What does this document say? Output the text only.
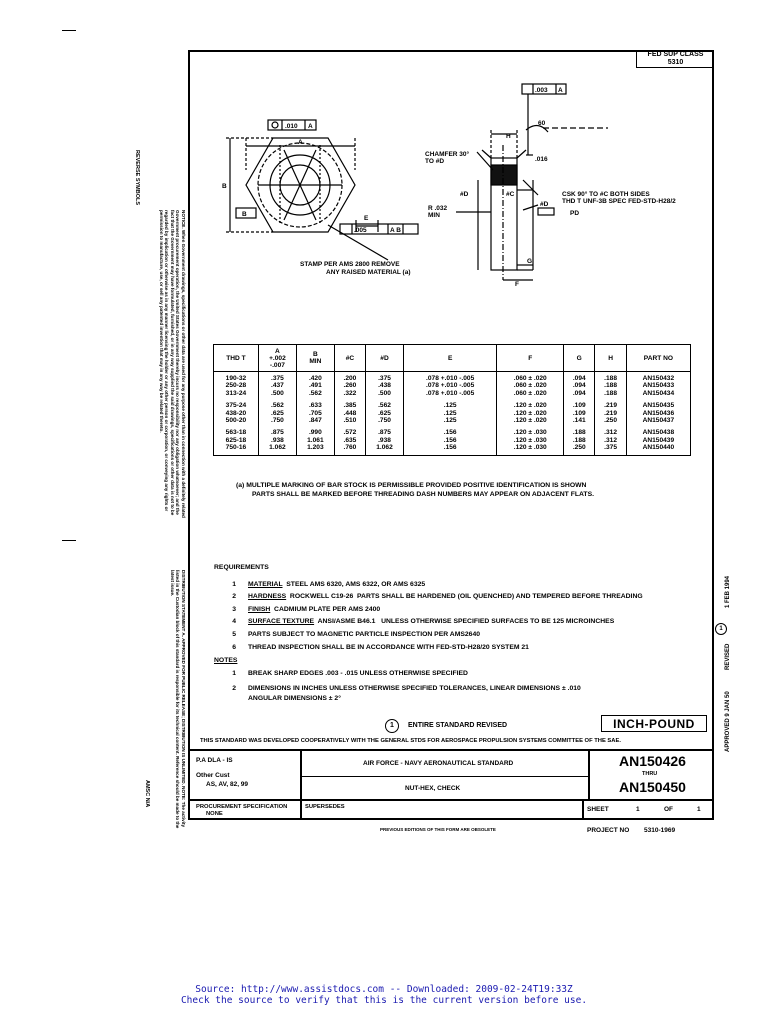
REVERSE SYMBOLS
NOTICE. When Government drawings, specifications or other data are used for any purpose other than in connection with a definitely related Government procurement operation, the United States Government thereby incurs no responsibility nor any obligation whatsoever; and the fact that the Government may have formulated, furnished, or in any way supplied the said drawings, specifications or other data is not to be regarded by implication or otherwise as in any manner licensing the holder or any other person or corporation, or conveying any rights or permission to manufacture, use, or sell any patented invention that may in any way be related thereto.
DISTRIBUTION STATEMENT A. APPROVED FOR PUBLIC RELEASE; DISTRIBUTION IS UNLIMITED. NOTE: The activity listed in the Custodian block of this standard is responsible for its technical content. Reference should be made to the latest issue.
AMSC N/A
FED SUP CLASS
5310
.010 A
A
B
B
E
.005	A B
STAMP PER AMS 2800 REMOVE
ANY RAISED MATERIAL (a)
.003 A
H
60
CHAMFER 30°
TO #D	.016
#D	#C
#D
R .032
MIN
CSK 90° TO #C BOTH SIDES
THD T UNF-3B SPEC FED-STD-H28/2
PD
G
F
THD T	A
+.002
-.007	B
MIN	#C	#D	E	F	G	H	PART NO
190-32	.375	.420	.200	.375	.078 +.010 -.005	.060 ± .020	.094	.188	AN150432
250-28	.437	.491	.260	.438	.078 +.010 -.005	.060 ± .020	.094	.188	AN150433
313-24	.500	.562	.322	.500	.078 +.010 -.005	.060 ± .020	.094	.188	AN150434
375-24	.562	.633	.385	.562	.125	.120 ± .020	.109	.219	AN150435
438-20	.625	.705	.448	.625	.125	.120 ± .020	.109	.219	AN150436
500-20	.750	.847	.510	.750	.125	.120 ± .020	.141	.250	AN150437
563-18	.875	.990	.572	.875	.156	.120 ± .030	.188	.312	AN150438
625-18	.938	1.061	.635	.938	.156	.120 ± .030	.188	.312	AN150439
750-16	1.062	1.203	.760	1.062	.156	.120 ± .030	.250	.375	AN150440
(a) MULTIPLE MARKING OF BAR STOCK IS PERMISSIBLE PROVIDED POSITIVE IDENTIFICATION IS SHOWN
PARTS SHALL BE MARKED BEFORE THREADING DASH NUMBERS MAY APPEAR ON ADJACENT FLATS.
REQUIREMENTS
1 MATERIAL  STEEL AMS 6320, AMS 6322, OR AMS 6325
2 HARDNESS  ROCKWELL C19-26  PARTS SHALL BE HARDENED (OIL QUENCHED) AND TEMPERED BEFORE THREADING
3 FINISH  CADMIUM PLATE PER AMS 2400
4 SURFACE TEXTURE  ANSI/ASME B46.1   UNLESS OTHERWISE SPECIFIED SURFACES TO BE 125 MICROINCHES
5 PARTS SUBJECT TO MAGNETIC PARTICLE INSPECTION PER AMS2640
6 THREAD INSPECTION SHALL BE IN ACCORDANCE WITH FED-STD-H28/20 SYSTEM 21
NOTES
1 BREAK SHARP EDGES .003 - .015 UNLESS OTHERWISE SPECIFIED
2 DIMENSIONS IN INCHES UNLESS OTHERWISE SPECIFIED TOLERANCES, LINEAR DIMENSIONS ± .010
ANGULAR DIMENSIONS ± 2°
1	ENTIRE STANDARD REVISED	INCH-POUND
THIS STANDARD WAS DEVELOPED COOPERATIVELY WITH THE GENERAL STDS FOR AEROSPACE PROPULSION SYSTEMS COMMITTEE OF THE SAE.
P.A DLA - IS
Other Cust
AS, AV, 82, 99
AIR FORCE - NAVY AERONAUTICAL STANDARD
NUT-HEX, CHECK
AN150426
THRU
AN150450
PROCUREMENT SPECIFICATION
NONE
SUPERSEDES	SHEET	1	OF	1
PREVIOUS EDITIONS OF THIS FORM ARE OBSOLETE	PROJECT NO 5310-1969
APPROVED 9 JAN 50
REVISED
1
1 FEB 1994
Source: http://www.assistdocs.com -- Downloaded: 2009-02-24T19:33Z
Check the source to verify that this is the current version before use.
